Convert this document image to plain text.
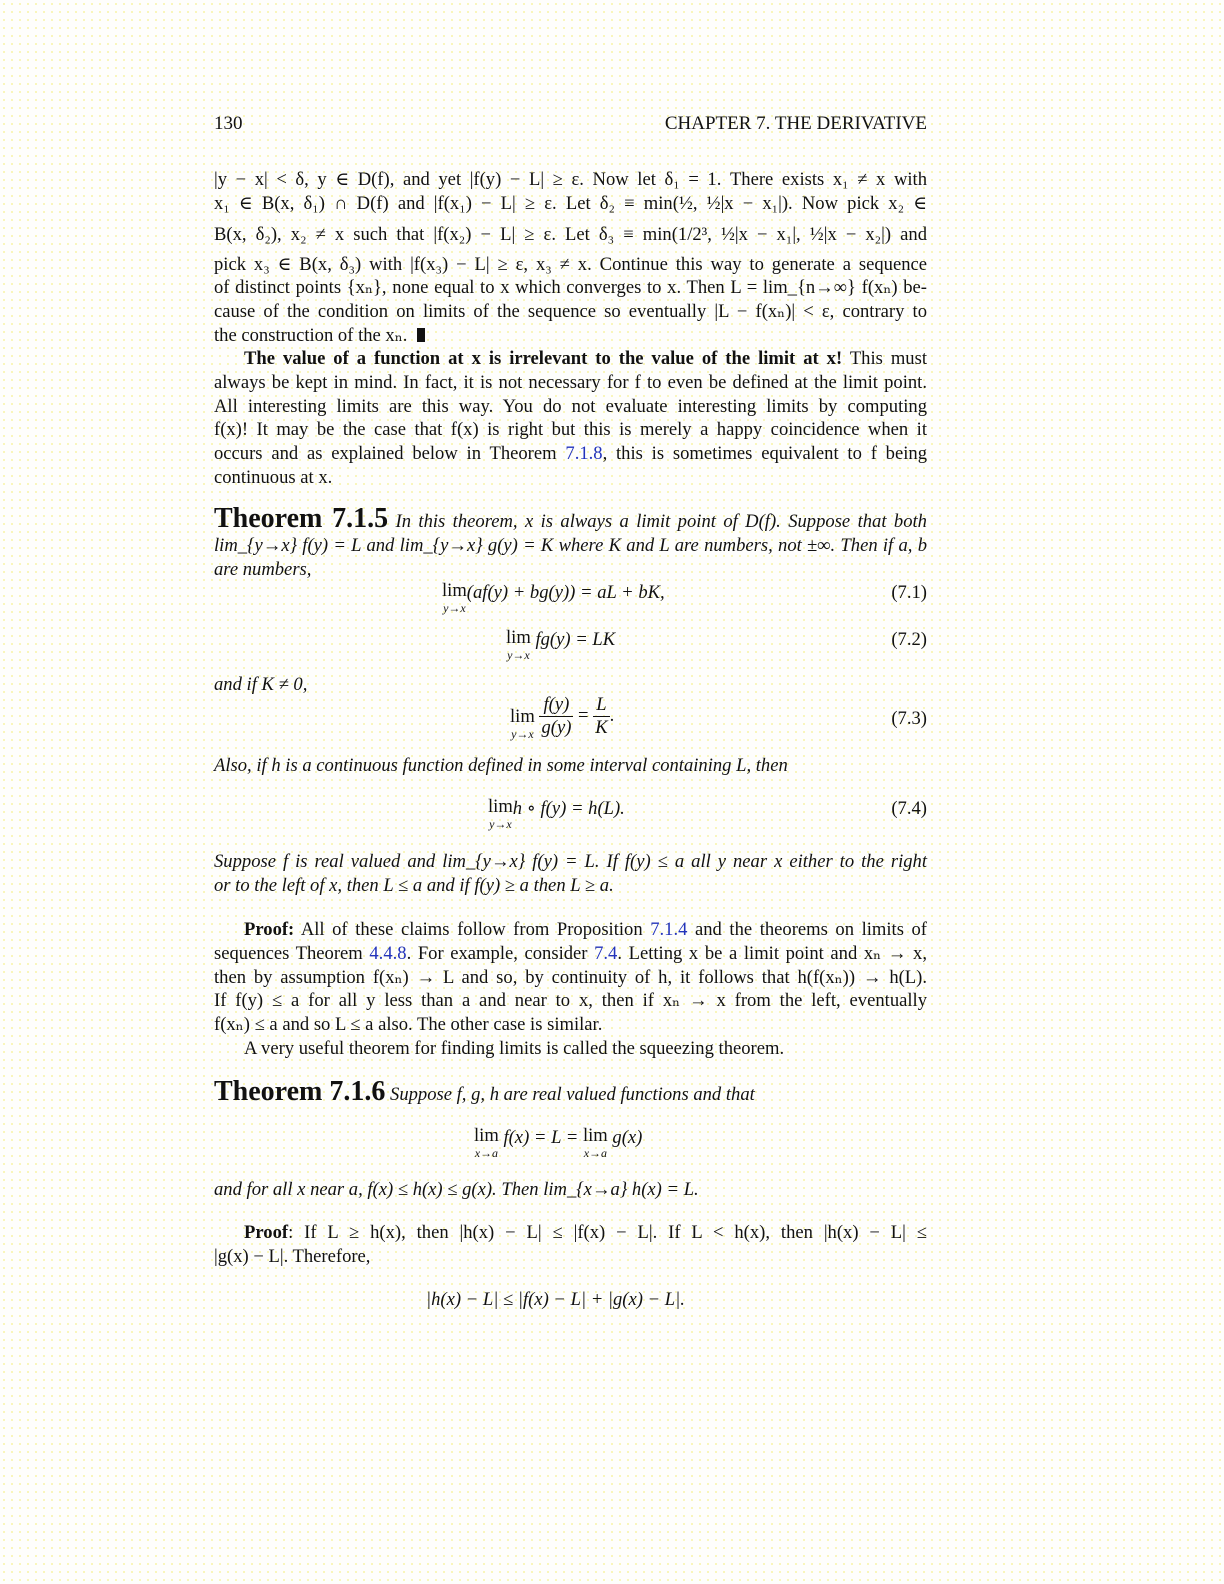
130	CHAPTER 7. THE DERIVATIVE
|y − x| < δ, y ∈ D(f), and yet |f(y) − L| ≥ ε. Now let δ₁ = 1. There exists x₁ ≠ x with
x₁ ∈ B(x, δ₁) ∩ D(f) and |f(x₁) − L| ≥ ε. Let δ₂ ≡ min(½, ½|x − x₁|). Now pick x₂ ∈
B(x, δ₂), x₂ ≠ x such that |f(x₂) − L| ≥ ε. Let δ₃ ≡ min(1/2³, ½|x − x₁|, ½|x − x₂|) and
pick x₃ ∈ B(x, δ₃) with |f(x₃) − L| ≥ ε, x₃ ≠ x. Continue this way to generate a sequence
of distinct points {xₙ}, none equal to x which converges to x. Then L = lim_{n→∞} f(xₙ) be-
cause of the condition on limits of the sequence so eventually |L − f(xₙ)| < ε, contrary to
the construction of the xₙ.
The value of a function at x is irrelevant to the value of the limit at x! This must
always be kept in mind. In fact, it is not necessary for f to even be defined at the limit point.
All interesting limits are this way. You do not evaluate interesting limits by computing
f(x)! It may be the case that f(x) is right but this is merely a happy coincidence when it
occurs and as explained below in Theorem 7.1.8, this is sometimes equivalent to f being
continuous at x.
Theorem 7.1.5 In this theorem, x is always a limit point of D(f). Suppose that both
lim_{y→x} f(y) = L and lim_{y→x} g(y) = K where K and L are numbers, not ±∞. Then if a, b
are numbers,
lim
y→x
(af(y) + bg(y)) = aL + bK,	(7.1)
lim
y→x
fg(y) = LK	(7.2)
and if K ≠ 0,
lim
y→x
$\frac{f(y)}{g(y)} = \frac{L}{K}$ .	(7.3)
Also, if h is a continuous function defined in some interval containing L, then
lim
y→x
h ∘ f(y) = h(L).	(7.4)
Suppose f is real valued and lim_{y→x} f(y) = L. If f(y) ≤ a all y near x either to the right
or to the left of x, then L ≤ a and if f(y) ≥ a then L ≥ a.
Proof: All of these claims follow from Proposition 7.1.4 and the theorems on limits of
sequences Theorem 4.4.8. For example, consider 7.4. Letting x be a limit point and xₙ → x,
then by assumption f(xₙ) → L and so, by continuity of h, it follows that h(f(xₙ)) → h(L).
If f(y) ≤ a for all y less than a and near to x, then if xₙ → x from the left, eventually
f(xₙ) ≤ a and so L ≤ a also. The other case is similar.
A very useful theorem for finding limits is called the squeezing theorem.
Theorem 7.1.6 Suppose f, g, h are real valued functions and that
lim
x→a
f(x) = L = lim
x→a
g(x)
and for all x near a, f(x) ≤ h(x) ≤ g(x). Then lim_{x→a} h(x) = L.
Proof: If L ≥ h(x), then |h(x) − L| ≤ |f(x) − L|. If L < h(x), then |h(x) − L| ≤
|g(x) − L|. Therefore,
|h(x) − L| ≤ |f(x) − L| + |g(x) − L|.
